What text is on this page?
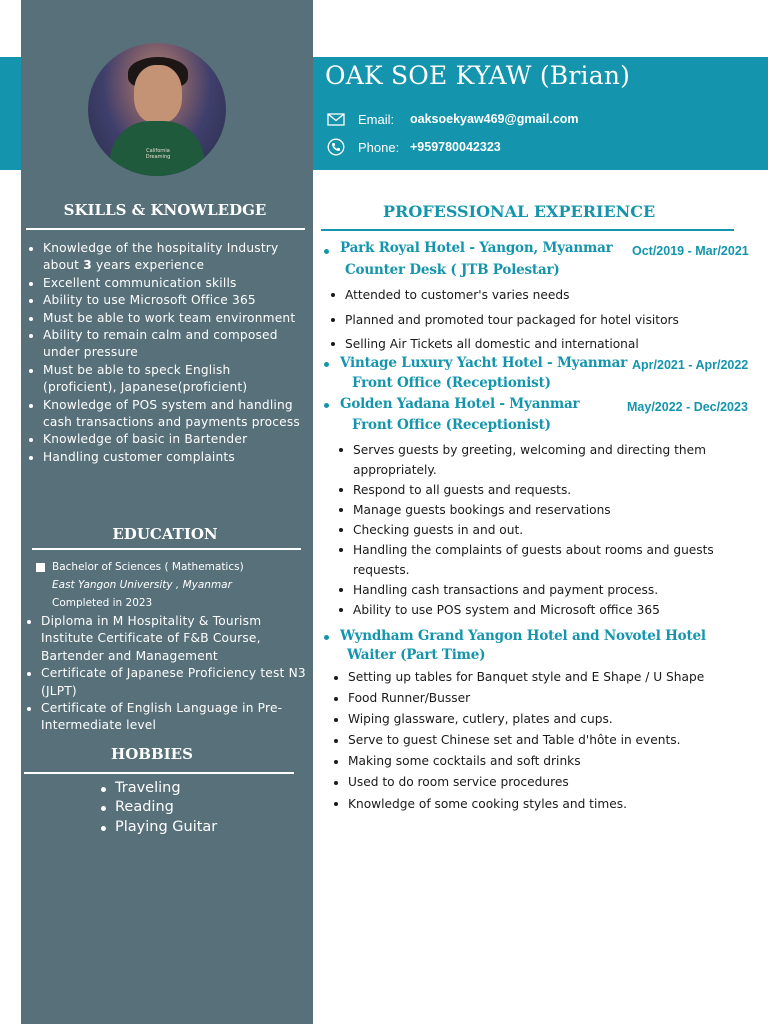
California Dreaming
OAK SOE KYAW (Brian)
Email:	oaksoekyaw469@gmail.com
Phone: +959780042323
SKILLS & KNOWLEDGE
Knowledge of the hospitality Industry about 3 years experience
Excellent communication skills
Ability to use Microsoft Office 365
Must be able to work team environment
Ability to remain calm and composed under pressure
Must be able to speck English (proficient), Japanese(proficient)
Knowledge of POS system and handling cash transactions and payments process
Knowledge of basic in Bartender
Handling customer complaints
EDUCATION
Bachelor of Sciences ( Mathematics)
East Yangon University , Myanmar
Completed in 2023
Diploma in M Hospitality & Tourism Institute Certificate of F&B Course, Bartender and Management
Certificate of Japanese Proficiency test N3 (JLPT)
Certificate of English Language in Pre-Intermediate level
HOBBIES
Traveling
Reading
Playing Guitar
PROFESSIONAL EXPERIENCE
Park Royal Hotel - Yangon, Myanmar
Counter Desk ( JTB Polestar)
Oct/2019 - Mar/2021
Attended to customer's varies needs
Planned and promoted tour packaged for hotel visitors
Selling Air Tickets all domestic and international
Vintage Luxury Yacht Hotel - Myanmar
Front Office (Receptionist)
Apr/2021 - Apr/2022
Golden Yadana Hotel - Myanmar
Front Office (Receptionist)
May/2022 - Dec/2023
Serves guests by greeting, welcoming and directing them appropriately.
Respond to all guests and requests.
Manage guests bookings and reservations
Checking guests in and out.
Handling the complaints of guests about rooms and guests requests.
Handling cash transactions and payment process.
Ability to use POS system and Microsoft office 365
Wyndham Grand Yangon Hotel and Novotel Hotel
Waiter (Part Time)
Setting up tables for Banquet style and E Shape / U Shape
Food Runner/Busser
Wiping glassware, cutlery, plates and cups.
Serve to guest Chinese set and Table d'hôte in events.
Making some cocktails and soft drinks
Used to do room service procedures
Knowledge of some cooking styles and times.
